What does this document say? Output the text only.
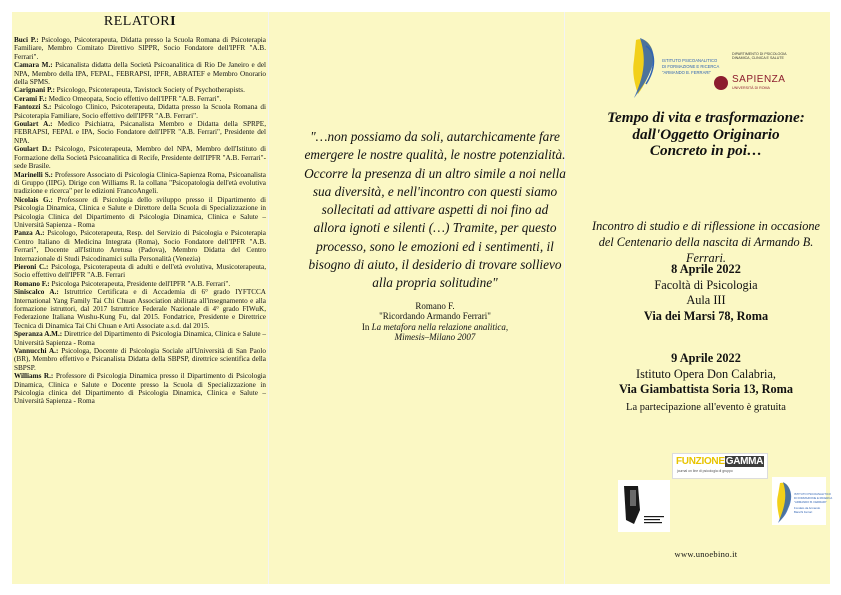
RELATORI

Buci P.: Psicologo, Psicoterapeuta, Didatta presso la Scuola Romana di Psicoterapia Familiare, Membro Comitato Direttivo SIPPR, Socio Fondatore dell'IPFR "A.B. Ferrari".

Camara M.: Psicanalista didatta della Società Psicoanalitica di Rio De Janeiro e del NPA, Membro della IPA, FEPAL, FEBRAPSI, IPFR, ABRATEF e Membro Onorario della SPMS.

Carignani P.: Psicologo, Psicoterapeuta, Tavistock Society of Psychotherapists.

Cerami F.: Medico Omeopata, Socio effettivo dell'IPFR "A.B. Ferrari".

Fantozzi S.: Psicologo Clinico, Psicoterapeuta, Didatta presso la Scuola Romana di Psicoterapia Familiare, Socio effettivo dell'IPFR "A.B. Ferrari".

Goulart A.: Medico Psichiatra, Psicanalista Membro e Didatta della SPRPE, FEBRAPSI, FEPAL e IPA, Socio Fondatore dell'IPFR "A.B. Ferrari", Presidente del NPA.

Goulart D.: Psicologo, Psicoterapeuta, Membro del NPA, Membro dell'Istituto di Formazione della Società Psicoanalitica di Recife, Presidente dell'IPFR "A.B. Ferrari"- sede Brasile.

Marinelli S.: Professore Associato di Psicologia Clinica-Sapienza Roma, Psicoanalista di Gruppo (IIPG). Dirige con Williams R. la collana "Psicopatologia dell'età evolutiva tradizione e ricerca" per le edizioni FrancoAngeli.

Nicolais G.: Professore di Psicologia dello sviluppo presso il Dipartimento di Psicologia Dinamica, Clinica e Salute e Direttore della Scuola di Specializzazione in Psicologia Clinica del Dipartimento di Psicologia Dinamica, Clinica e Salute – Università Sapienza - Roma

Panza A.: Psicologo, Psicoterapeuta, Resp. del Servizio di Psicologia e Psicoterapia Centro Italiano di Medicina Integrata (Roma), Socio Fondatore dell'IPFR "A.B. Ferrari", Docente all'Istituto Aretusa (Padova), Membro Didatta del Centro Internazionale di Studi Psicodinamici sulla Personalità (Venezia)

Pieroni C.: Psicologa, Psicoterapeuta di adulti e dell'età evolutiva, Musicoterapeuta, Socio effettivo dell'IPFR "A.B. Ferrari

Romano F.: Psicologa Psicoterapeuta, Presidente dell'IPFR "A.B. Ferrari".

Siniscalco A.: Istruttrice Certificata e di Accademia di 6° grado IYFTCCA International Yang Family Tai Chi Chuan Association abilitata all'insegnamento e alla formazione istruttori, dal 2017 Istruttrice Federale Nazionale di 4° grado FIWuK, Federazione Italiana Wushu-Kung Fu, dal 2015. Fondatrice, Presidente e Direttrice Tecnica di Dinamica Tai Chi Chuan e Arti Associate a.s.d. dal 2015.

Speranza A.M.: Direttrice del Dipartimento di Psicologia Dinamica, Clinica e Salute – Università Sapienza - Roma

Vannucchi A.: Psicologa, Docente di Psicologia Sociale all'Università di San Paolo (BR), Membro effettivo e Psicanalista Didatta della SBPSP, direttrice scientifica della SBPSP.

Williams R.: Professore di Psicologia Dinamica presso il Dipartimento di Psicologia Dinamica, Clinica e Salute e Docente presso la Scuola di Specializzazione in Psicologia clinica del Dipartimento di Psicologia Dinamica, Clinica e Salute – Università Sapienza - Roma

"…non possiamo da soli, autarchicamente fare emergere le nostre qualità, le nostre potenzialità. Occorre la presenza di un altro simile a noi nella sua diversità, e nell'incontro con questi siamo sollecitati ad attivare aspetti di noi fino ad allora ignoti e silenti (…) Tramite, per questo processo, sono le emozioni ed i sentimenti, il bisogno di aiuto, il desiderio di trovare sollievo alla propria solitudine"

Romano F.
"Ricordando Armando Ferrari"
In La metafora nella relazione analitica,
Mimesis–Milano 2007
ISTITUTO PSICOANALITICO
DI FORMAZIONE E RICERCA
"ARMANDO B. FERRARI"
DIPARTIMENTO DI PSICOLOGIA DINAMICA, CLINICA E SALUTE
SAPIENZA
UNIVERSITÀ DI ROMA
Tempo di vita e trasformazione:
dall'Oggetto Originario
Concreto in poi…

Incontro di studio e di riflessione in occasione del Centenario della nascita di Armando B. Ferrari.

8 Aprile 2022
Facoltà di Psicologia
Aula III
Via dei Marsi 78, Roma
9 Aprile 2022
Istituto Opera Don Calabria,
Via Giambattista Soria 13, Roma
La partecipazione all'evento è gratuita
FUNZIONEGAMMA
journal on line di psicologia di gruppo
ISTITUTO PSICOANALITICO
DI FORMAZIONE E RICERCA
"ARMANDO B. FERRARI"
Fondato da Armando
Bianchi Ferrari
www.unoebino.it
